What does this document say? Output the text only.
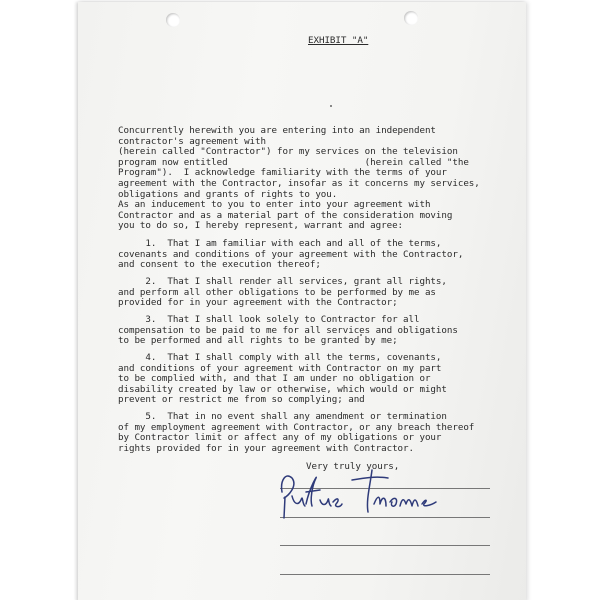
EXHIBIT "A"
Concurrently herewith you are entering into an independent
contractor's agreement with
(herein called "Contractor") for my services on the television
program now entitled                         (herein called "the
Program").  I acknowledge familiarity with the terms of your
agreement with the Contractor, insofar as it concerns my services,
obligations and grants of rights to you.
As an inducement to you to enter into your agreement with
Contractor and as a material part of the consideration moving
you to do so, I hereby represent, warrant and agree:
1.  That I am familiar with each and all of the terms,
covenants and conditions of your agreement with the Contractor,
and consent to the execution thereof;
2.  That I shall render all services, grant all rights,
and perform all other obligations to be performed by me as
provided for in your agreement with the Contractor;
3.  That I shall look solely to Contractor for all
compensation to be paid to me for all services and obligations
to be performed and all rights to be granted by me;
4.  That I shall comply with all the terms, covenants,
and conditions of your agreement with Contractor on my part
to be complied with, and that I am under no obligation or
disability created by law or otherwise, which would or might
prevent or restrict me from so complying; and
5.  That in no event shall any amendment or termination
of my employment agreement with Contractor, or any breach thereof
by Contractor limit or affect any of my obligations or your
rights provided for in your agreement with Contractor.
Very truly yours,
